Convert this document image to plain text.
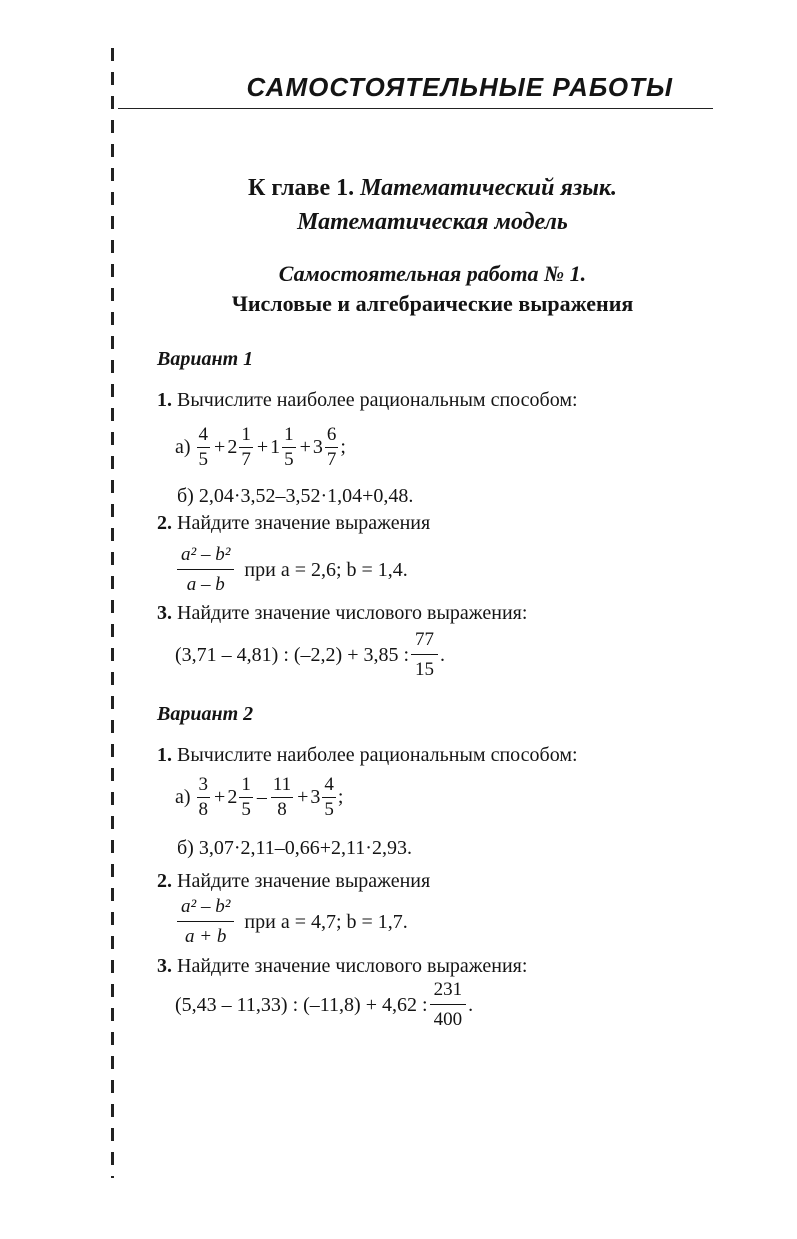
САМОСТОЯТЕЛЬНЫЕ РАБОТЫ
К главе 1. Математический язык.
Математическая модель
Самостоятельная работа № 1.
Числовые и алгебраические выражения

Вариант 1

1. Вычислите наиболее рациональным способом:

$а) \frac{4}{5} + 2 \frac{1}{7} + 1 \frac{1}{5} + 3 \frac{6}{7}$ ;

б) 2,04·3,52–3,52·1,04+0,48.

2. Найдите значение выражения

$\frac{\text{a² – b²}}{a - b}$ при a = 2,6; b = 1,4.

3. Найдите значение числового выражения:

(3,71 – 4,81) : (–2,2) + 3,85 : $\frac{77}{15}$ .

Вариант 2

1. Вычислите наиболее рациональным способом:

$а) \frac{3}{8} + 2 \frac{1}{5} - \frac{11}{8} + 3 \frac{4}{5}$ ;

б) 3,07·2,11–0,66+2,11·2,93.

2. Найдите значение выражения

$\frac{\text{a² – b²}}{a + b}$ при a = 4,7; b = 1,7.

3. Найдите значение числового выражения:

(5,43 – 11,33) : (–11,8) + 4,62 : $\frac{231}{400}$ .
